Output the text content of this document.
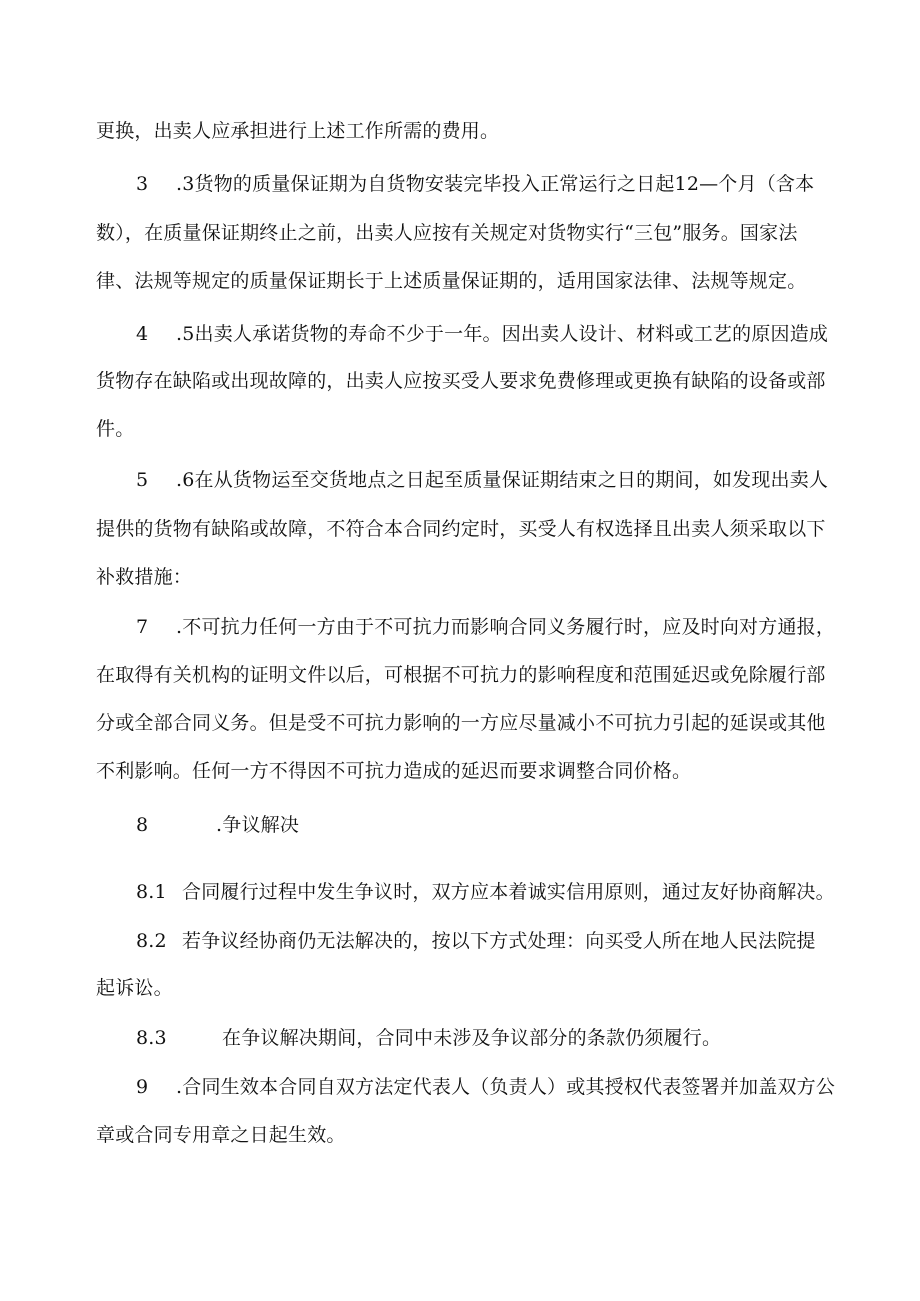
更换，出卖人应承担进行上述工作所需的费用。
3 .3货物的质量保证期为自货物安装完毕投入正常运行之日起12—个月（含本
数），在质量保证期终止之前，出卖人应按有关规定对货物实行“三包”服务。国家法
律、法规等规定的质量保证期长于上述质量保证期的，适用国家法律、法规等规定。
4 .5出卖人承诺货物的寿命不少于一年。因出卖人设计、材料或工艺的原因造成
货物存在缺陷或出现故障的，出卖人应按买受人要求免费修理或更换有缺陷的设备或部
件。
5 .6在从货物运至交货地点之日起至质量保证期结束之日的期间，如发现出卖人
提供的货物有缺陷或故障，不符合本合同约定时，买受人有权选择且出卖人须采取以下
补救措施：
7 .不可抗力任何一方由于不可抗力而影响合同义务履行时，应及时向对方通报，
在取得有关机构的证明文件以后，可根据不可抗力的影响程度和范围延迟或免除履行部
分或全部合同义务。但是受不可抗力影响的一方应尽量减小不可抗力引起的延误或其他
不利影响。任何一方不得因不可抗力造成的延迟而要求调整合同价格。
8	.争议解决
8.1 合同履行过程中发生争议时，双方应本着诚实信用原则，通过友好协商解决。
8.2 若争议经协商仍无法解决的，按以下方式处理：向买受人所在地人民法院提
起诉讼。
8.3	在争议解决期间，合同中未涉及争议部分的条款仍须履行。
9 .合同生效本合同自双方法定代表人（负责人）或其授权代表签署并加盖双方公
章或合同专用章之日起生效。
